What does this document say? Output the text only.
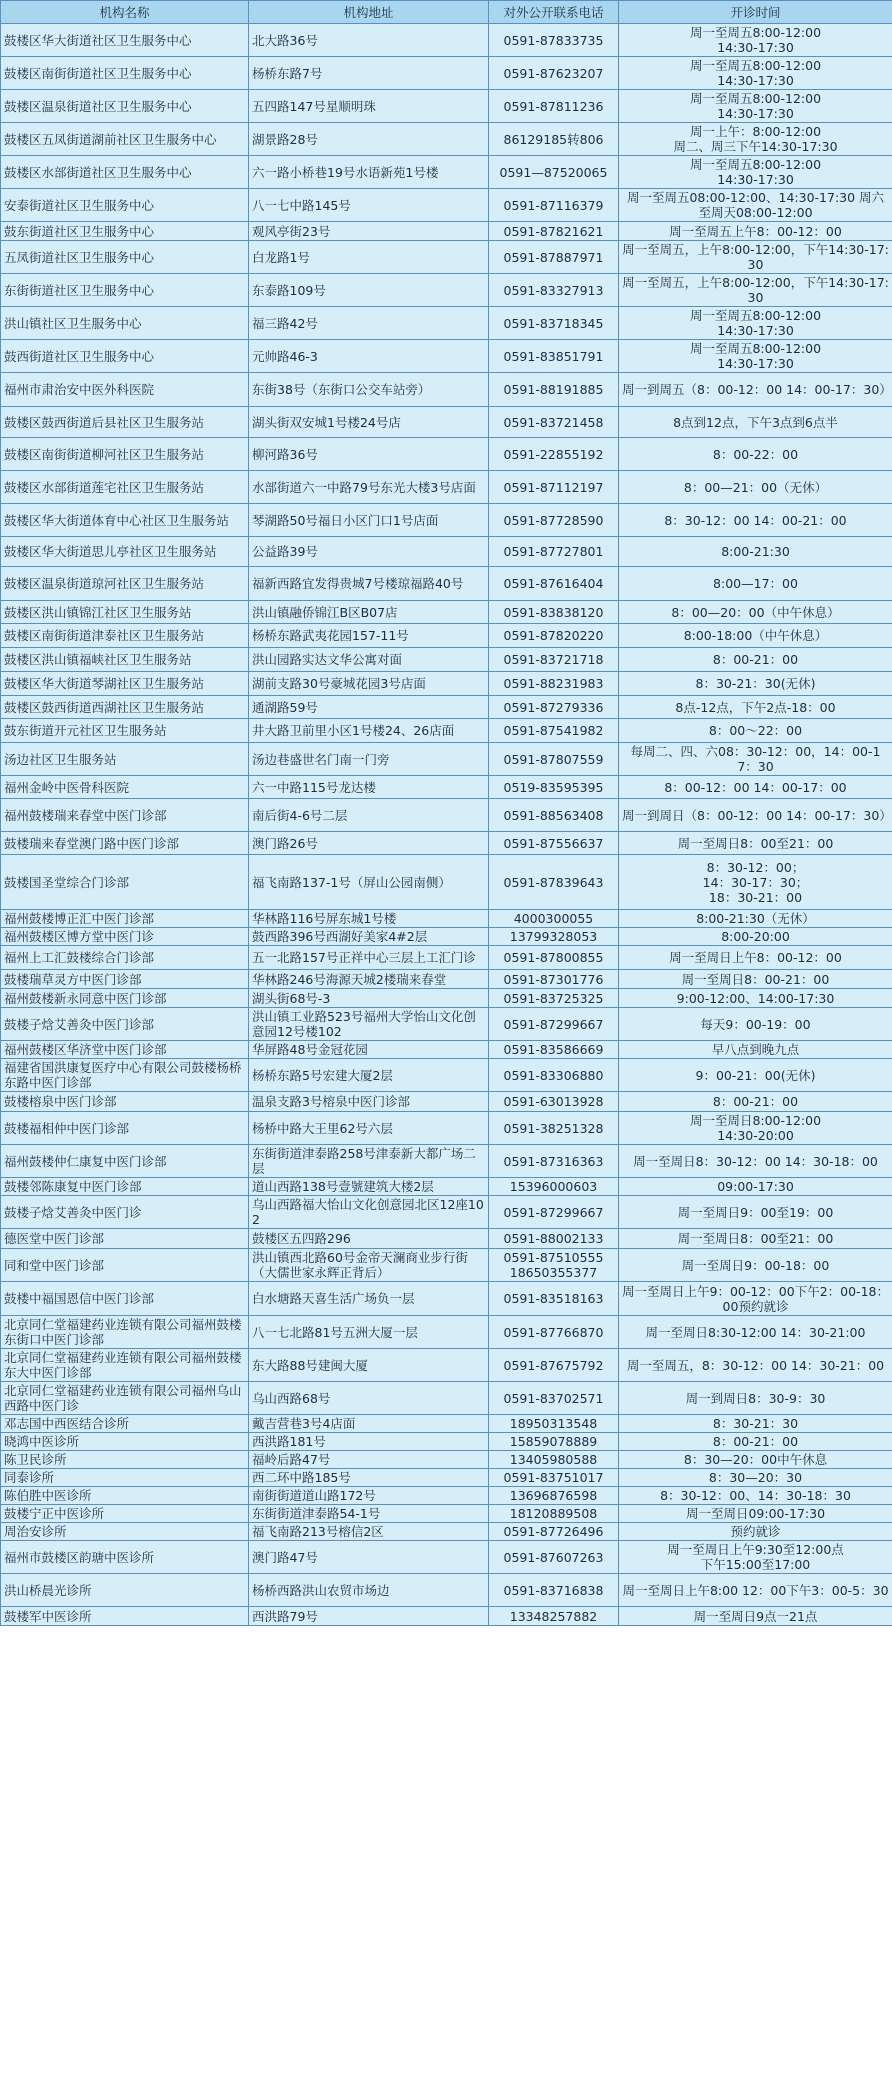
机构名称	机构地址	对外公开联系电话	开诊时间
鼓楼区华大街道社区卫生服务中心	北大路36号	0591-87833735	周一至周五8:00-12:00
14:30-17:30
鼓楼区南街街道社区卫生服务中心	杨桥东路7号	0591-87623207	周一至周五8:00-12:00
14:30-17:30
鼓楼区温泉街道社区卫生服务中心	五四路147号星顺明珠	0591-87811236	周一至周五8:00-12:00
14:30-17:30
鼓楼区五凤街道湖前社区卫生服务中心	湖景路28号	86129185转806	周一上午：8:00-12:00
周二、周三下午14:30-17:30
鼓楼区水部街道社区卫生服务中心	六一路小桥巷19号水语新苑1号楼	0591—87520065	周一至周五8:00-12:00
14:30-17:30
安泰街道社区卫生服务中心	八一七中路145号	0591-87116379	周一至周五08:00-12:00、14:30-17:30 周六至周天08:00-12:00
鼓东街道社区卫生服务中心	观风亭街23号	0591-87821621	周一至周五上午8：00-12：00
五凤街道社区卫生服务中心	白龙路1号	0591-87887971	周一至周五，上午8:00-12:00，下午14:30-17:30
东街街道社区卫生服务中心	东泰路109号	0591-83327913	周一至周五，上午8:00-12:00，下午14:30-17:30
洪山镇社区卫生服务中心	福三路42号	0591-83718345	周一至周五8:00-12:00
14:30-17:30
鼓西街道社区卫生服务中心	元帅路46-3	0591-83851791	周一至周五8:00-12:00
14:30-17:30
福州市肃治安中医外科医院	东街38号（东街口公交车站旁）	0591-88191885	周一到周五（8：00-12：00 14：00-17：30）
鼓楼区鼓西街道后县社区卫生服务站	湖头街双安城1号楼24号店	0591-83721458	8点到12点，下午3点到6点半
鼓楼区南街街道柳河社区卫生服务站	柳河路36号	0591-22855192	8：00-22：00
鼓楼区水部街道莲宅社区卫生服务站	水部街道六一中路79号东光大楼3号店面	0591-87112197	8：00—21：00（无休）
鼓楼区华大街道体育中心社区卫生服务站	琴湖路50号福日小区门口1号店面	0591-87728590	8：30-12：00 14：00-21：00
鼓楼区华大街道思儿亭社区卫生服务站	公益路39号	0591-87727801	8:00-21:30
鼓楼区温泉街道琼河社区卫生服务站	福新西路宜发得贵城7号楼琼福路40号	0591-87616404	8:00—17：00
鼓楼区洪山镇锦江社区卫生服务站	洪山镇融侨锦江B区B07店	0591-83838120	8：00—20：00（中午休息）
鼓楼区南街街道津泰社区卫生服务站	杨桥东路武夷花园157-11号	0591-87820220	8:00-18:00（中午休息）
鼓楼区洪山镇福峡社区卫生服务站	洪山园路实达文华公寓对面	0591-83721718	8：00-21：00
鼓楼区华大街道琴湖社区卫生服务站	湖前支路30号豪城花园3号店面	0591-88231983	8：30-21：30(无休)
鼓楼区鼓西街道西湖社区卫生服务站	通湖路59号	0591-87279336	8点-12点，下午2点-18：00
鼓东街道开元社区卫生服务站	井大路卫前里小区1号楼24、26店面	0591-87541982	8：00～22：00
汤边社区卫生服务站	汤边巷盛世名门南一门旁	0591-87807559	每周二、四、六08：30-12：00，14：00-17：30
福州金岭中医骨科医院	六一中路115号龙达楼	0519-83595395	8：00-12：00 14：00-17：00
福州鼓楼瑞来春堂中医门诊部	南后街4-6号二层	0591-88563408	周一到周日（8：00-12：00 14：00-17：30）
鼓楼瑞来春堂澳门路中医门诊部	澳门路26号	0591-87556637	周一至周日8：00至21：00
鼓楼国圣堂综合门诊部	福飞南路137-1号（屏山公园南侧）	0591-87839643	8：30-12：00；
14：30-17：30；
18：30-21：00
福州鼓楼博正汇中医门诊部	华林路116号屏东城1号楼	4000300055	8:00-21:30（无休）
福州鼓楼区博方堂中医门诊	鼓西路396号西湖好美家4#2层	13799328053	8:00-20:00
福州上工汇鼓楼综合门诊部	五一北路157号正祥中心三层上工汇门诊	0591-87800855	周一至周日上午8：00-12：00
鼓楼瑞草灵方中医门诊部	华林路246号海源天城2楼瑞来春堂	0591-87301776	周一至周日8：00-21：00
福州鼓楼新永同意中医门诊部	湖头街68号-3	0591-83725325	9:00-12:00、14:00-17:30
鼓楼子焓艾善灸中医门诊部	洪山镇工业路523号福州大学怡山文化创意园12号楼102	0591-87299667	每天9：00-19：00
福州鼓楼区华济堂中医门诊部	华屏路48号金冠花园	0591-83586669	早八点到晚九点
福建省国洪康复医疗中心有限公司鼓楼杨桥东路中医门诊部	杨桥东路5号宏建大厦2层	0591-83306880	9：00-21：00(无休)
鼓楼榕泉中医门诊部	温泉支路3号榕泉中医门诊部	0591-63013928	8：00-21：00
鼓楼福相仲中医门诊部	杨桥中路大王里62号六层	0591-38251328	周一至周日8:00-12:00
14:30-20:00
福州鼓楼仲仁康复中医门诊部	东街街道津泰路258号津泰新大都广场二层	0591-87316363	周一至周日8：30-12：00 14：30-18：00
鼓楼邻陈康复中医门诊部	道山西路138号壹號建筑大楼2层	15396000603	09:00-17:30
鼓楼子焓艾善灸中医门诊	乌山西路福大怡山文化创意园北区12座102	0591-87299667	周一至周日9：00至19：00
德医堂中医门诊部	鼓楼区五四路296	0591-88002133	周一至周日8：00至21：00
同和堂中医门诊部	洪山镇西北路60号金帝天澜商业步行街（大儒世家永辉正背后）	0591-87510555
18650355377	周一至周日9：00-18：00
鼓楼中福国恩信中医门诊部	白水塘路天喜生活广场负一层	0591-83518163	周一至周日上午9：00-12：00下午2：00-18：00预约就诊
北京同仁堂福建药业连锁有限公司福州鼓楼东街口中医门诊部	八一七北路81号五洲大厦一层	0591-87766870	周一至周日8:30-12:00 14：30-21:00
北京同仁堂福建药业连锁有限公司福州鼓楼东大中医门诊部	东大路88号建闽大厦	0591-87675792	周一至周五，8：30-12：00 14：30-21：00
北京同仁堂福建药业连锁有限公司福州乌山西路中医门诊	乌山西路68号	0591-83702571	周一到周日8：30-9：30
邓志国中西医结合诊所	戴吉营巷3号4店面	18950313548	8：30-21：30
晓鸿中医诊所	西洪路181号	15859078889	8：00-21：00
陈卫民诊所	福岭后路47号	13405980588	8：30—20：00中午休息
同泰诊所	西二环中路185号	0591-83751017	8：30—20：30
陈伯胜中医诊所	南街街道道山路172号	13696876598	8：30-12：00、14：30-18：30
鼓楼宁正中医诊所	东街街道津泰路54-1号	18120889508	周一至周日09:00-17:30
周治安诊所	福飞南路213号榕信2区	0591-87726496	预约就诊
福州市鼓楼区韵瑭中医诊所	澳门路47号	0591-87607263	周一至周日上午9:30至12:00点
下午15:00至17:00
洪山桥晨光诊所	杨桥西路洪山农贸市场边	0591-83716838	周一至周日上午8:00 12：00下午3：00-5：30
鼓楼军中医诊所	西洪路79号	13348257882	周一至周日9点一21点
